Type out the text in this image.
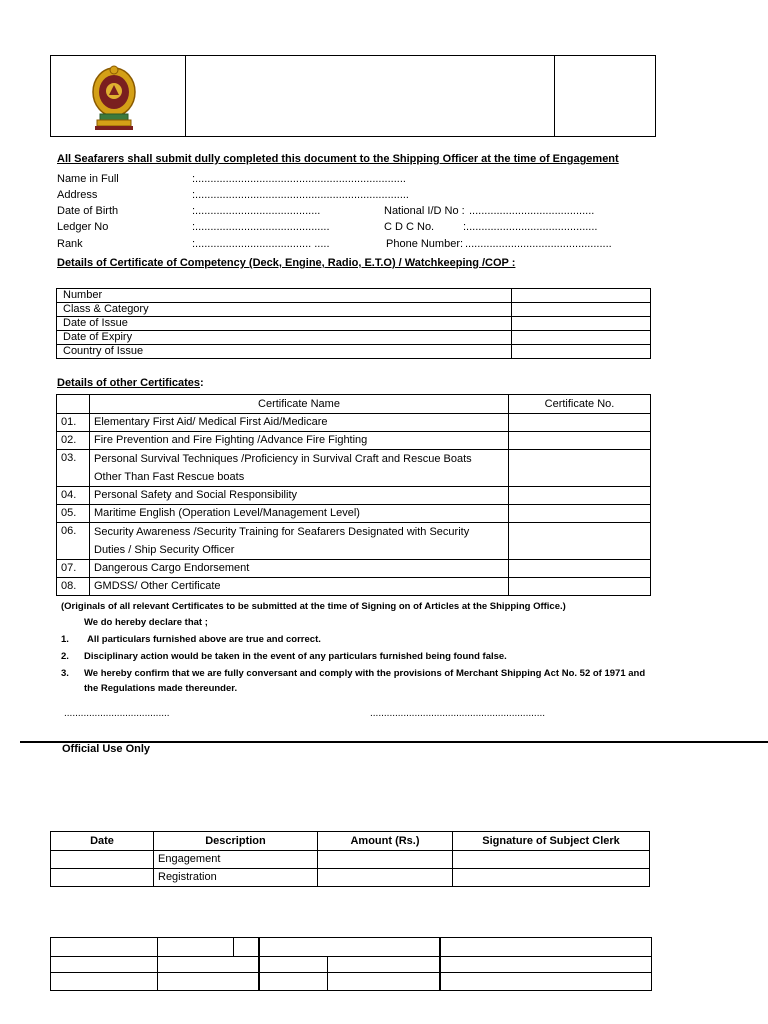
All Seafarers shall submit dully completed this document to the Shipping Officer at the time of Engagement
Name in Full	:.....................................................................
Address	:......................................................................
Date of Birth	:.........................................
Ledger No	:............................................
Rank	:...................................... .....
National I/D No : .........................................
C D C No.	:...........................................
Phone Number: ................................................
Details of Certificate of Competency (Deck, Engine, Radio, E.T.O) / Watchkeeping /COP :
Number	
Class & Category	
Date of Issue	
Date of Expiry	
Country of Issue	
Details of other Certificates:
	Certificate Name	Certificate No.
01.	Elementary First Aid/ Medical First Aid/Medicare	
02.	Fire Prevention and Fire Fighting /Advance Fire Fighting	
03.	Personal Survival Techniques /Proficiency in Survival Craft and Rescue Boats
Other Than Fast Rescue boats	

04.	Personal Safety and Social Responsibility	
05.	Maritime English (Operation Level/Management Level)	
06.	Security Awareness /Security Training for Seafarers Designated with Security
Duties / Ship Security Officer	

07.	Dangerous Cargo Endorsement	
08.	GMDSS/ Other Certificate	
(Originals of all relevant Certificates to be submitted at the time of Signing on of Articles at the Shipping Office.)
We do hereby declare that ;
1. All particulars furnished above are true and correct.
2. Disciplinary action would be taken in the event of any particulars furnished being found false.
3. We hereby confirm that we are fully conversant and comply with the provisions of Merchant Shipping Act No. 52 of 1971 and
the Regulations made thereunder.
......................................	...............................................................
Official Use Only
Date	Description	Amount (Rs.)	Signature of Subject Clerk
	Engagement		
	Registration		
